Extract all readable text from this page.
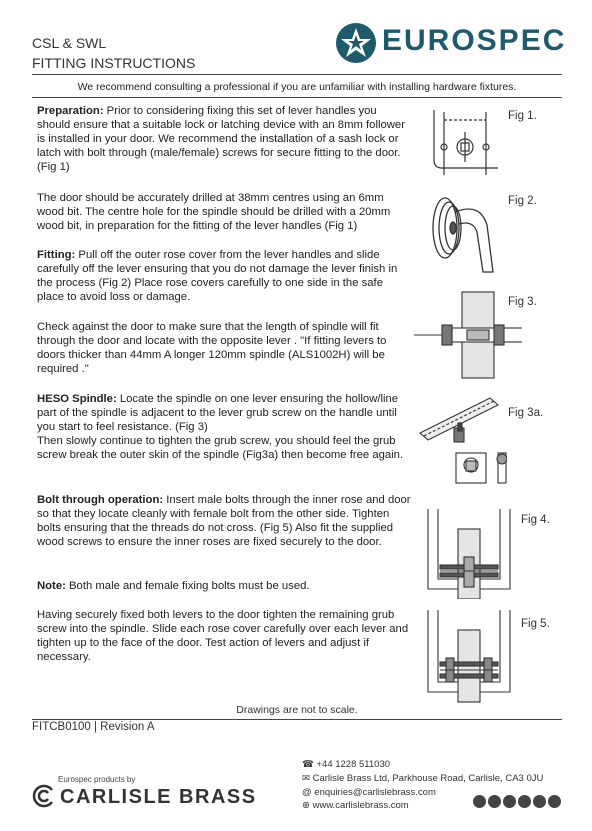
CSL & SWL
FITTING INSTRUCTIONS
EUROSPEC
We recommend consulting a professional if you are unfamiliar with installing hardware fixtures.
Preparation: Prior to considering fixing this set of lever handles you should ensure that a suitable lock or latching device with an 8mm follower is installed in your door. We recommend the installation of a sash lock or latch with bolt through (male/female) screws for secure fitting to the door. (Fig 1)
The door should be accurately drilled at 38mm centres using an 6mm wood bit. The centre hole for the spindle should be drilled with a 20mm wood bit, in preparation for the fitting of the lever handles (Fig 1)
Fitting: Pull off the outer rose cover from the lever handles and slide carefully off the lever ensuring that you do not damage the lever finish in the process (Fig 2) Place rose covers carefully to one side in the safe place to avoid loss or damage.
Check against the door to make sure that the length of spindle will fit through the door and locate with the opposite lever . "If fitting levers to doors thicker than 44mm A longer 120mm spindle (ALS1002H) will be required ."
HESO Spindle: Locate the spindle on one lever ensuring the hollow/line part of the spindle is adjacent to the lever grub screw on the handle until you start to feel resistance. (Fig 3)
Then slowly continue to tighten the grub screw, you should feel the grub screw break the outer skin of the spindle (Fig3a) then become free again.
Bolt through operation: Insert male bolts through the inner rose and door so that they locate cleanly with female bolt from the other side. Tighten bolts ensuring that the threads do not cross. (Fig 5) Also fit the supplied wood screws to ensure the inner roses are fixed securely to the door.
Note: Both male and female fixing bolts must be used.
Having securely fixed both levers to the door tighten the remaining grub screw into the spindle. Slide each rose cover carefully over each lever and tighten up to the face of the door. Test action of levers and adjust if necessary.
Fig 1.
Fig 2.
Fig 3.
Fig 3a.
Fig 4.
Fig 5.
Drawings are not to scale.
FITCB0100 | Revision A
Eurospec products by
CARLISLE BRASS
☎ +44 1228 511030
✉ Carlisle Brass Ltd, Parkhouse Road, Carlisle, CA3 0JU
@ enquiries@carlislebrass.com
⊕ www.carlislebrass.com
